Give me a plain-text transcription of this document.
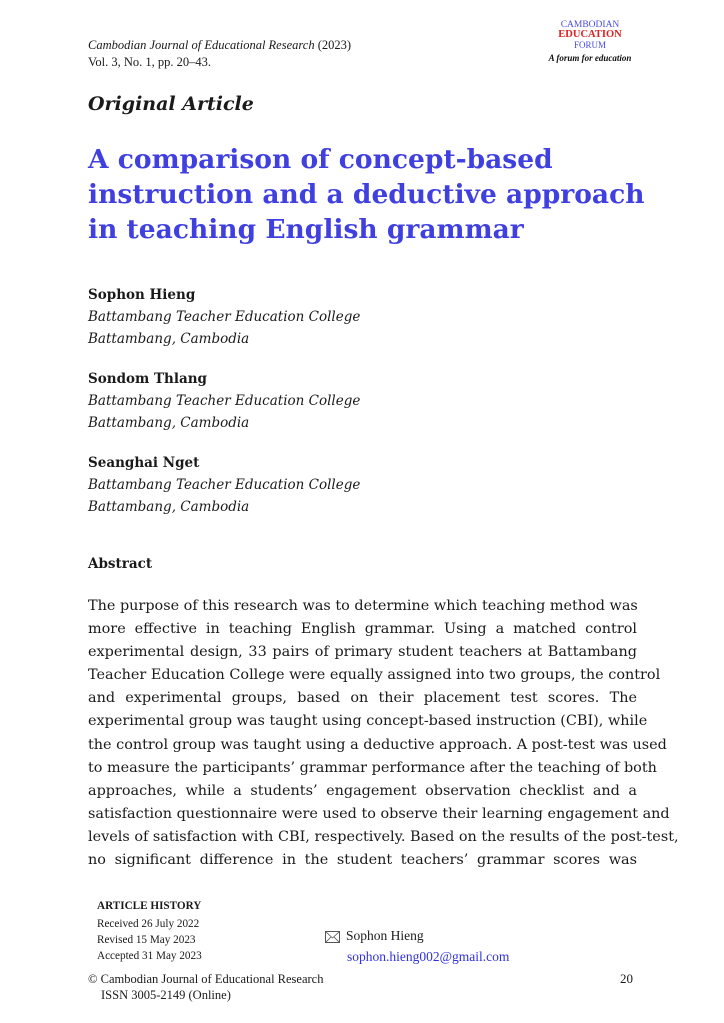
Cambodian Journal of Educational Research (2023)
Vol. 3, No. 1, pp. 20–43.
CAMBODIAN
EDUCATION
FORUM
A forum for education
Original Article
A comparison of concept-based instruction and a deductive approach in teaching English grammar
Sophon Hieng
Battambang Teacher Education College
Battambang, Cambodia
Sondom Thlang
Battambang Teacher Education College
Battambang, Cambodia
Seanghai Nget
Battambang Teacher Education College
Battambang, Cambodia
Abstract
The purpose of this research was to determine which teaching method was
more effective in teaching English grammar. Using a matched control
experimental design, 33 pairs of primary student teachers at Battambang
Teacher Education College were equally assigned into two groups, the control
and experimental groups, based on their placement test scores. The
experimental group was taught using concept-based instruction (CBI), while
the control group was taught using a deductive approach. A post-test was used
to measure the participants’ grammar performance after the teaching of both
approaches, while a students’ engagement observation checklist and a
satisfaction questionnaire were used to observe their learning engagement and
levels of satisfaction with CBI, respectively. Based on the results of the post-test,
no significant difference in the student teachers’ grammar scores was
ARTICLE HISTORY
Received 26 July 2022
Revised 15 May 2023
Accepted 31 May 2023
Sophon Hieng
sophon.hieng002@gmail.com
© Cambodian Journal of Educational Research
ISSN 3005-2149 (Online)
20
